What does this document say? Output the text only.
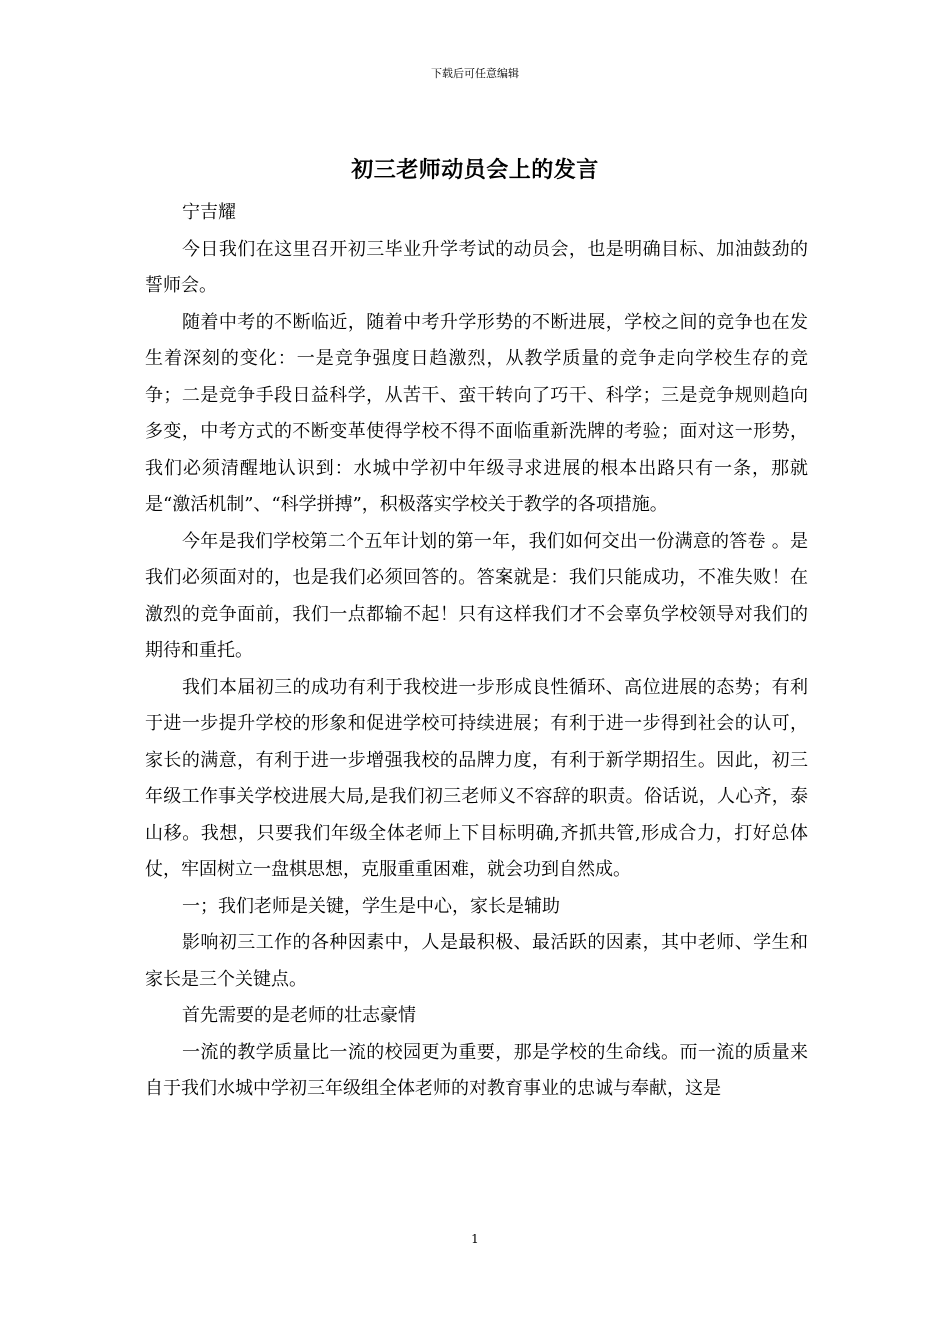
下载后可任意编辑
初三老师动员会上的发言

宁吉耀

今日我们在这里召开初三毕业升学考试的动员会，也是明确目标、加油鼓劲的誓师会。

随着中考的不断临近，随着中考升学形势的不断进展，学校之间的竞争也在发生着深刻的变化：一是竞争强度日趋激烈，从教学质量的竞争走向学校生存的竞争；二是竞争手段日益科学，从苦干、蛮干转向了巧干、科学；三是竞争规则趋向多变，中考方式的不断变革使得学校不得不面临重新洗牌的考验；面对这一形势，我们必须清醒地认识到：水城中学初中年级寻求进展的根本出路只有一条，那就是“激活机制”、“科学拼搏”，积极落实学校关于教学的各项措施。

今年是我们学校第二个五年计划的第一年，我们如何交出一份满意的答卷 。是我们必须面对的，也是我们必须回答的。答案就是：我们只能成功，不准失败！在激烈的竞争面前，我们一点都输不起！只有这样我们才不会辜负学校领导对我们的期待和重托。

我们本届初三的成功有利于我校进一步形成良性循环、高位进展的态势；有利于进一步提升学校的形象和促进学校可持续进展；有利于进一步得到社会的认可，家长的满意，有利于进一步增强我校的品牌力度，有利于新学期招生。因此，初三年级工作事关学校进展大局,是我们初三老师义不容辞的职责。俗话说，人心齐，泰山移。我想，只要我们年级全体老师上下目标明确,齐抓共管,形成合力，打好总体仗，牢固树立一盘棋思想，克服重重困难，就会功到自然成。

一；我们老师是关键，学生是中心，家长是辅助

影响初三工作的各种因素中，人是最积极、最活跃的因素，其中老师、学生和家长是三个关键点。

首先需要的是老师的壮志豪情

一流的教学质量比一流的校园更为重要，那是学校的生命线。而一流的质量来自于我们水城中学初三年级组全体老师的对教育事业的忠诚与奉献，这是

1
